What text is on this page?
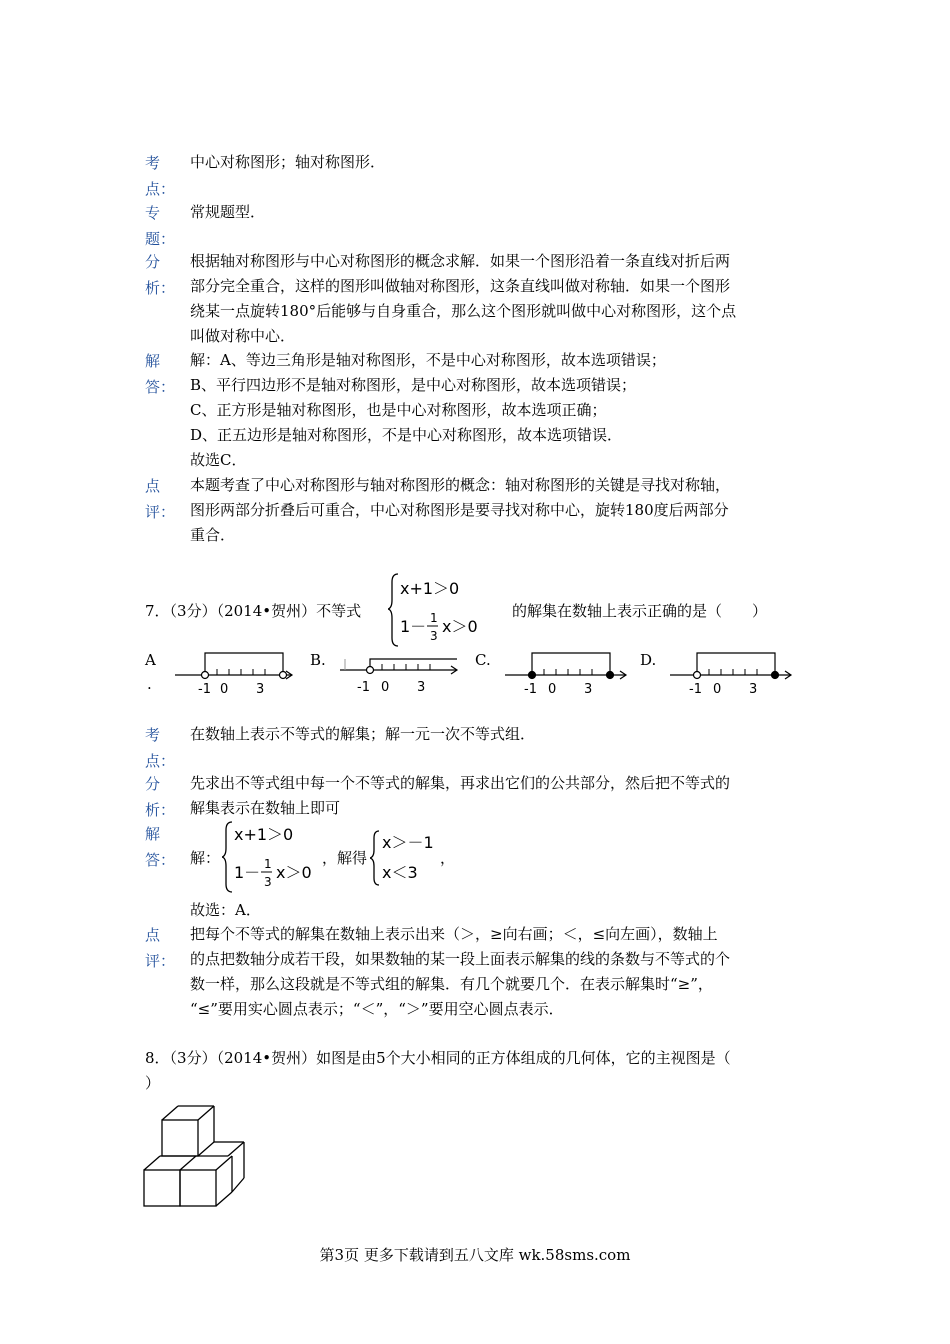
考
点：
中心对称图形；轴对称图形．
专
题：
常规题型．
分
析：
根据轴对称图形与中心对称图形的概念求解．如果一个图形沿着一条直线对折后两
部分完全重合，这样的图形叫做轴对称图形，这条直线叫做对称轴．如果一个图形
绕某一点旋转180°后能够与自身重合，那么这个图形就叫做中心对称图形，这个点
叫做对称中心．
解
答：
解：A、等边三角形是轴对称图形，不是中心对称图形，故本选项错误；
B、平行四边形不是轴对称图形，是中心对称图形，故本选项错误；
C、正方形是轴对称图形，也是中心对称图形，故本选项正确；
D、正五边形是轴对称图形，不是中心对称图形，故本选项错误．
故选C．
点
评：
本题考查了中心对称图形与轴对称图形的概念：轴对称图形的关键是寻找对称轴，
图形两部分折叠后可重合，中心对称图形是要寻找对称中心，旋转180度后两部分
重合．
7．（3分）（2014•贺州）不等式
x+1＞0
1－ 1
3 x＞0
的解集在数轴上表示正确的是（　　）
A
.	-1 0 3
B.
-1 0 3
C.
-1 0 3
D.
-1 0 3
考
点：
在数轴上表示不等式的解集；解一元一次不等式组．
分
析：
先求出不等式组中每一个不等式的解集，再求出它们的公共部分，然后把不等式的
解集表示在数轴上即可
解
答： 解：
x+1＞0
1－ 1
3 x＞0
，解得
x＞－1
x＜3
，
故选：A．
点
评：
把每个不等式的解集在数轴上表示出来（＞，≥向右画；＜，≤向左画），数轴上
的点把数轴分成若干段，如果数轴的某一段上面表示解集的线的条数与不等式的个
数一样，那么这段就是不等式组的解集．有几个就要几个．在表示解集时“≥”，
“≤”要用实心圆点表示；“＜”，“＞”要用空心圆点表示．
8．（3分）（2014•贺州）如图是由5个大小相同的正方体组成的几何体，它的主视图是（
）
第3页 更多下载请到五八文库 wk.58sms.com
